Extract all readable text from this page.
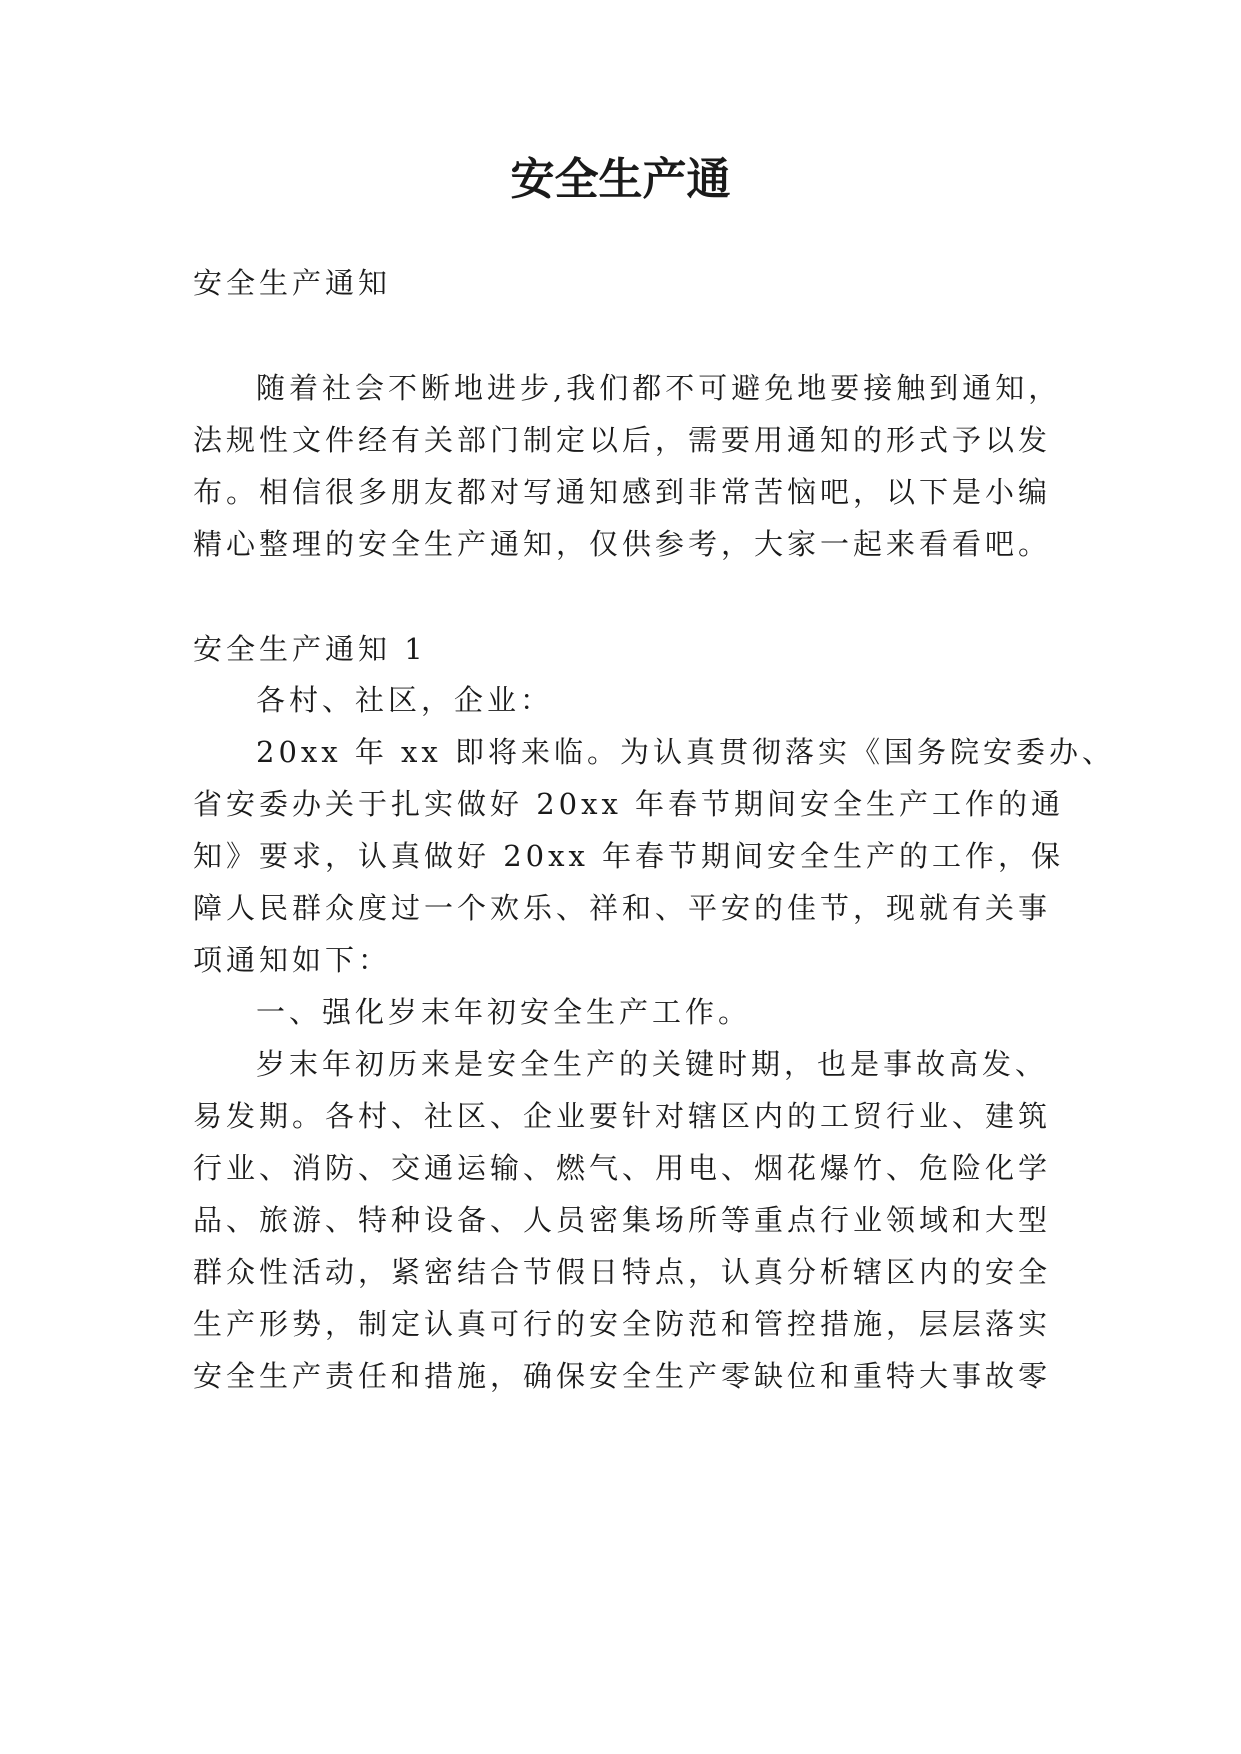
安全生产通

安全生产通知

随着社会不断地进步,我们都不可避免地要接触到通知，

法规性文件经有关部门制定以后，需要用通知的形式予以发

布。相信很多朋友都对写通知感到非常苦恼吧，以下是小编

精心整理的安全生产通知，仅供参考，大家一起来看看吧。

安全生产通知 1

各村、社区，企业：

20xx 年 xx 即将来临。为认真贯彻落实《国务院安委办、

省安委办关于扎实做好 20xx 年春节期间安全生产工作的通

知》要求，认真做好 20xx 年春节期间安全生产的工作，保

障人民群众度过一个欢乐、祥和、平安的佳节，现就有关事

项通知如下：

一、强化岁末年初安全生产工作。

岁末年初历来是安全生产的关键时期，也是事故高发、

易发期。各村、社区、企业要针对辖区内的工贸行业、建筑

行业、消防、交通运输、燃气、用电、烟花爆竹、危险化学

品、旅游、特种设备、人员密集场所等重点行业领域和大型

群众性活动，紧密结合节假日特点，认真分析辖区内的安全

生产形势，制定认真可行的安全防范和管控措施，层层落实

安全生产责任和措施，确保安全生产零缺位和重特大事故零
